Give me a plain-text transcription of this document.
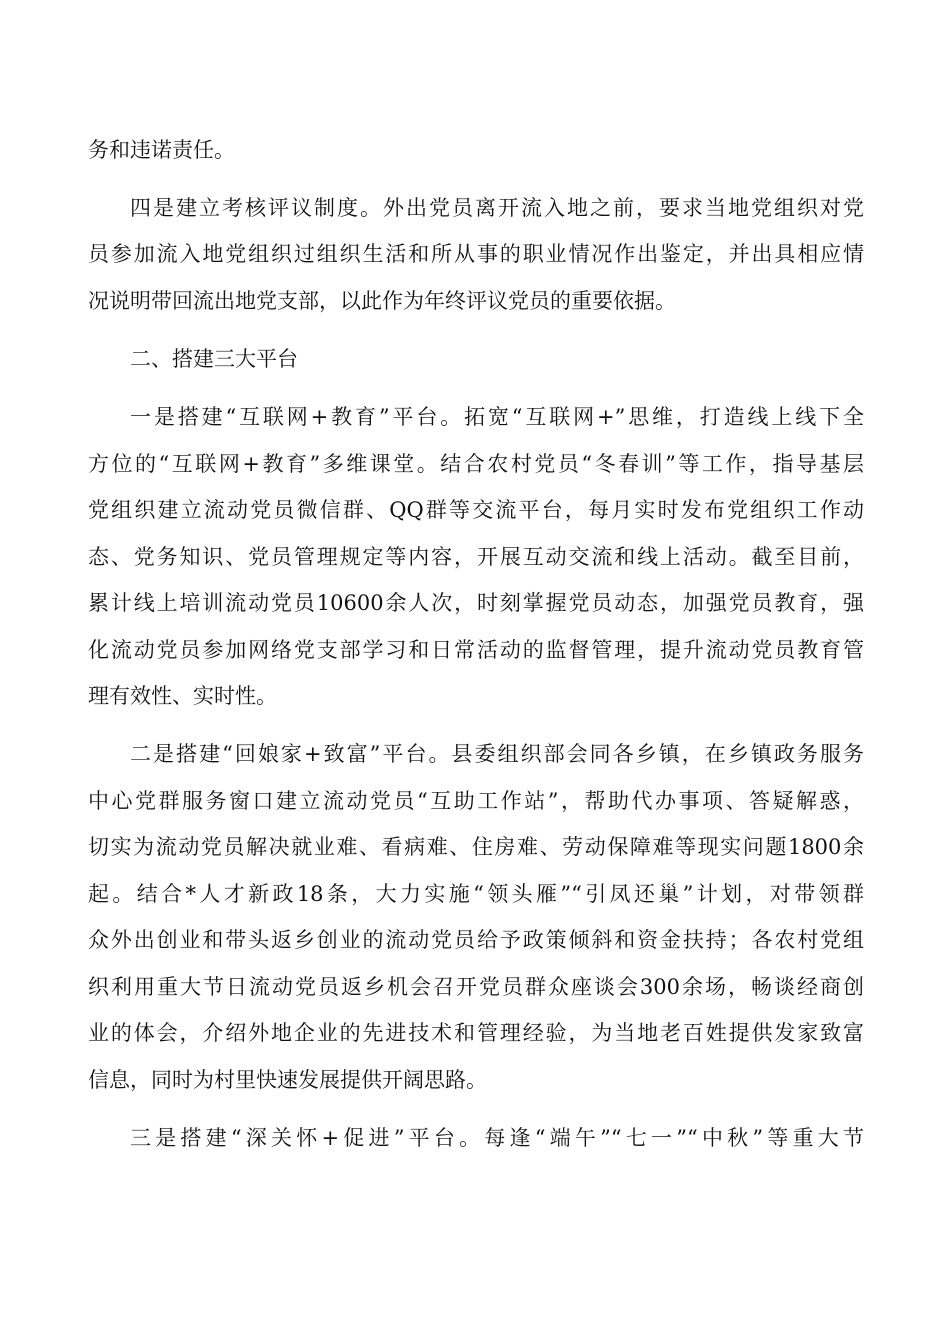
务和违诺责任。
四是建立考核评议制度。外出党员离开流入地之前，要求当地党组织对党
员参加流入地党组织过组织生活和所从事的职业情况作出鉴定，并出具相应情
况说明带回流出地党支部，以此作为年终评议党员的重要依据。
二、搭建三大平台
一是搭建“互联网+教育”平台。拓宽“互联网+”思维，打造线上线下全
方位的“互联网+教育”多维课堂。结合农村党员“冬春训”等工作，指导基层
党组织建立流动党员微信群、QQ群等交流平台，每月实时发布党组织工作动
态、党务知识、党员管理规定等内容，开展互动交流和线上活动。截至目前，
累计线上培训流动党员10600余人次，时刻掌握党员动态，加强党员教育，强
化流动党员参加网络党支部学习和日常活动的监督管理，提升流动党员教育管
理有效性、实时性。
二是搭建“回娘家+致富”平台。县委组织部会同各乡镇，在乡镇政务服务
中心党群服务窗口建立流动党员“互助工作站”，帮助代办事项、答疑解惑，
切实为流动党员解决就业难、看病难、住房难、劳动保障难等现实问题1800余
起。结合*人才新政18条，大力实施“领头雁”“引凤还巢”计划，对带领群
众外出创业和带头返乡创业的流动党员给予政策倾斜和资金扶持；各农村党组
织利用重大节日流动党员返乡机会召开党员群众座谈会300余场，畅谈经商创
业的体会，介绍外地企业的先进技术和管理经验，为当地老百姓提供发家致富
信息，同时为村里快速发展提供开阔思路。
三是搭建“深关怀+促进”平台。每逢“端午”“七一”“中秋”等重大节
